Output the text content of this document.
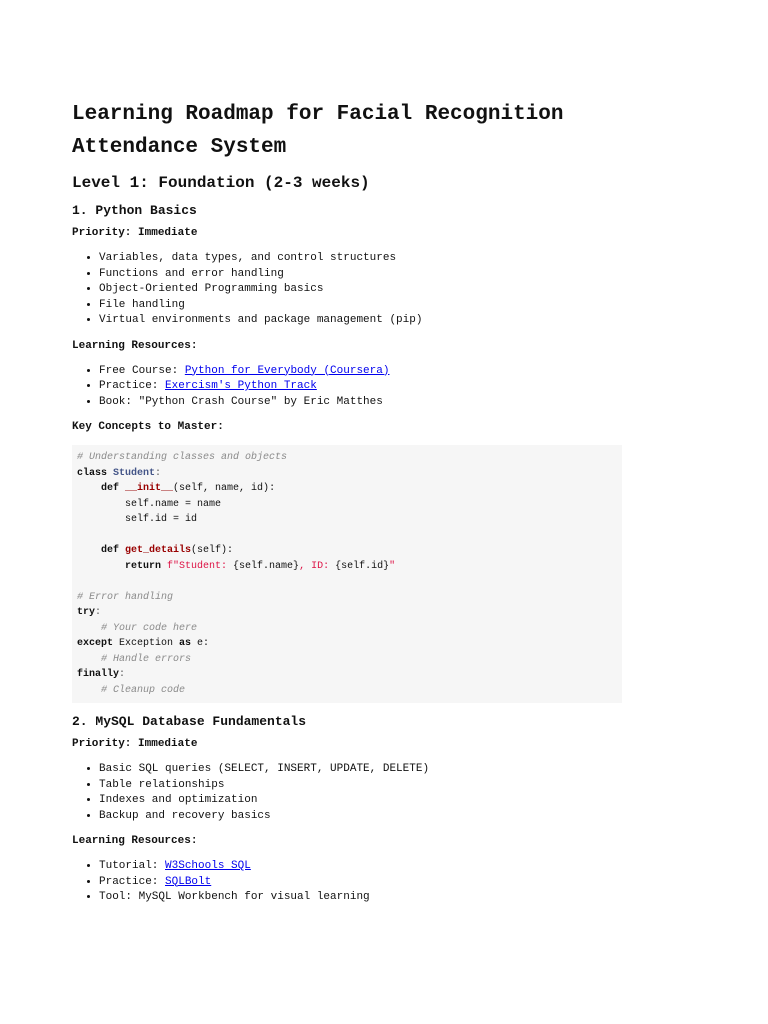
Learning Roadmap for Facial Recognition Attendance System
Level 1: Foundation (2-3 weeks)
1. Python Basics

Priority: Immediate

• Variables, data types, and control structures
• Functions and error handling
• Object-Oriented Programming basics
• File handling
• Virtual environments and package management (pip)

Learning Resources:

• Free Course: Python for Everybody (Coursera)
• Practice: Exercism's Python Track
• Book: "Python Crash Course" by Eric Matthes

Key Concepts to Master:

# Understanding classes and objects
class Student:
def __init__(self, name, id):
self.name = name
self.id = id
def get_details(self):
return f"Student: {self.name}, ID: {self.id}"
# Error handling
try:
# Your code here
except Exception as e:
# Handle errors
finally:
# Cleanup code
2. MySQL Database Fundamentals

Priority: Immediate

• Basic SQL queries (SELECT, INSERT, UPDATE, DELETE)
• Table relationships
• Indexes and optimization
• Backup and recovery basics

Learning Resources:

• Tutorial: W3Schools SQL
• Practice: SQLBolt
• Tool: MySQL Workbench for visual learning
